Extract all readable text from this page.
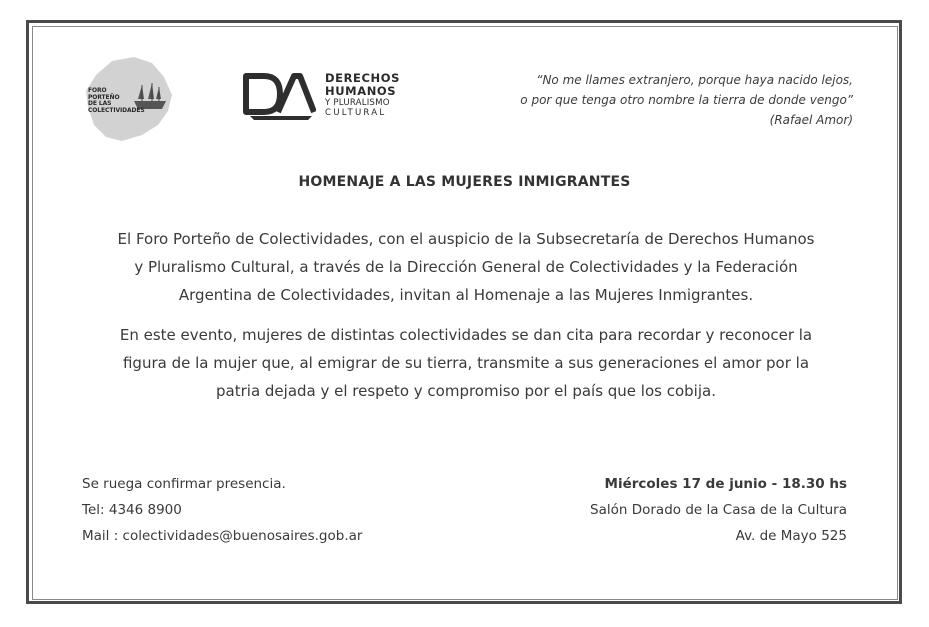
FORO
PORTEÑO
DE LAS
COLECTIVIDADES
DERECHOS
HUMANOS
Y PLURALISMO
CULTURAL
“No me llames extranjero, porque haya nacido lejos,
o por que tenga otro nombre la tierra de donde vengo”
(Rafael Amor)
HOMENAJE A LAS MUJERES INMIGRANTES
El Foro Porteño de Colectividades, con el auspicio de la Subsecretaría de Derechos Humanos
y Pluralismo Cultural, a través de la Dirección General de Colectividades y la Federación
Argentina de Colectividades, invitan al Homenaje a las Mujeres Inmigrantes.
En este evento, mujeres de distintas colectividades se dan cita para recordar y reconocer la
figura de la mujer que, al emigrar de su tierra, transmite a sus generaciones el amor por la
patria dejada y el respeto y compromiso por el país que los cobija.
Se ruega confirmar presencia.
Tel: 4346 8900
Mail : colectividades@buenosaires.gob.ar
Miércoles 17 de junio - 18.30 hs
Salón Dorado de la Casa de la Cultura
Av. de Mayo 525
